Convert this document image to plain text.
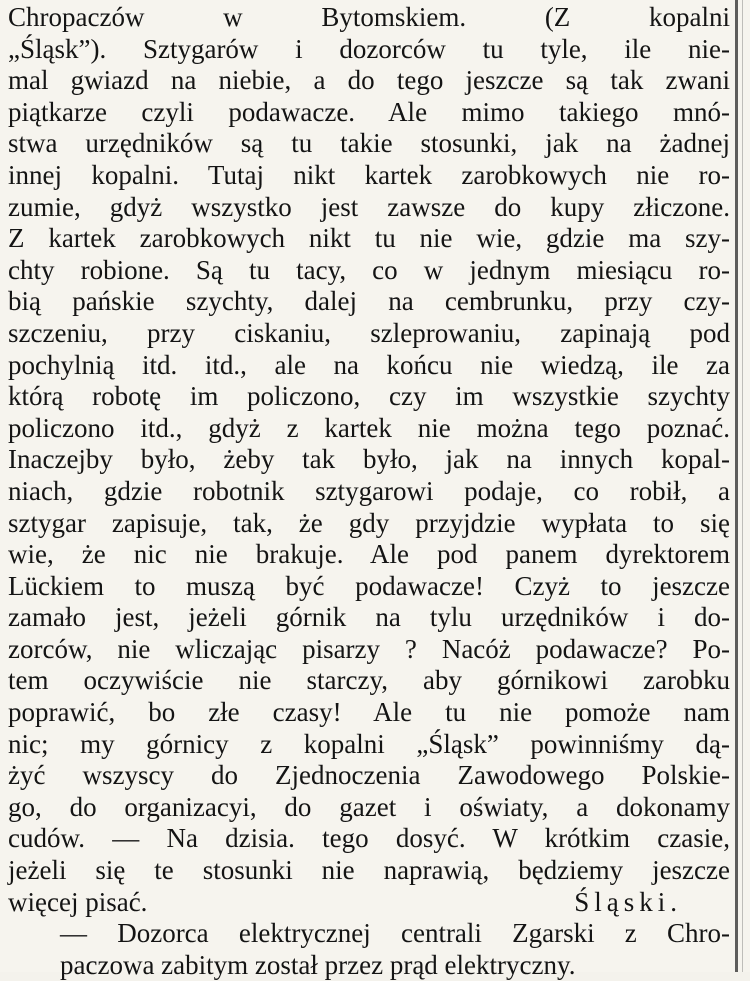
Chropaczów w Bytomskiem. (Z kopalni
„Śląsk”). Sztygarów i dozorców tu tyle, ile nie-
mal gwiazd na niebie, a do tego jeszcze są tak zwani
piątkarze czyli podawacze. Ale mimo takiego mnó-
stwa urzędników są tu takie stosunki, jak na żadnej
innej kopalni. Tutaj nikt kartek zarobkowych nie ro-
zumie, gdyż wszystko jest zawsze do kupy złiczone.
Z kartek zarobkowych nikt tu nie wie, gdzie ma szy-
chty robione. Są tu tacy, co w jednym miesiącu ro-
bią pańskie szychty, dalej na cembrunku, przy czy-
szczeniu, przy ciskaniu, szleprowaniu, zapinają pod
pochylnią itd. itd., ale na końcu nie wiedzą, ile za
którą robotę im policzono, czy im wszystkie szychty
policzono itd., gdyż z kartek nie można tego poznać.
Inaczejby było, żeby tak było, jak na innych kopal-
niach, gdzie robotnik sztygarowi podaje, co robił, a
sztygar zapisuje, tak, że gdy przyjdzie wypłata to się
wie, że nic nie brakuje. Ale pod panem dyrektorem
Lückiem to muszą być podawacze! Czyż to jeszcze
zamało jest, jeżeli górnik na tylu urzędników i do-
zorców, nie wliczając pisarzy ? Nacóż podawacze? Po-
tem oczywiście nie starczy, aby górnikowi zarobku
poprawić, bo złe czasy! Ale tu nie pomoże nam
nic; my górnicy z kopalni „Śląsk” powinniśmy dą-
żyć wszyscy do Zjednoczenia Zawodowego Polskie-
go, do organizacyi, do gazet i oświaty, a dokonamy
cudów. — Na dzisia. tego dosyć. W krótkim czasie,
jeżeli się te stosunki nie naprawią, będziemy jeszcze
więcej pisać.	Śląski.
— Dozorca elektrycznej centrali Zgarski z Chro-
paczowa zabitym został przez prąd elektryczny.
